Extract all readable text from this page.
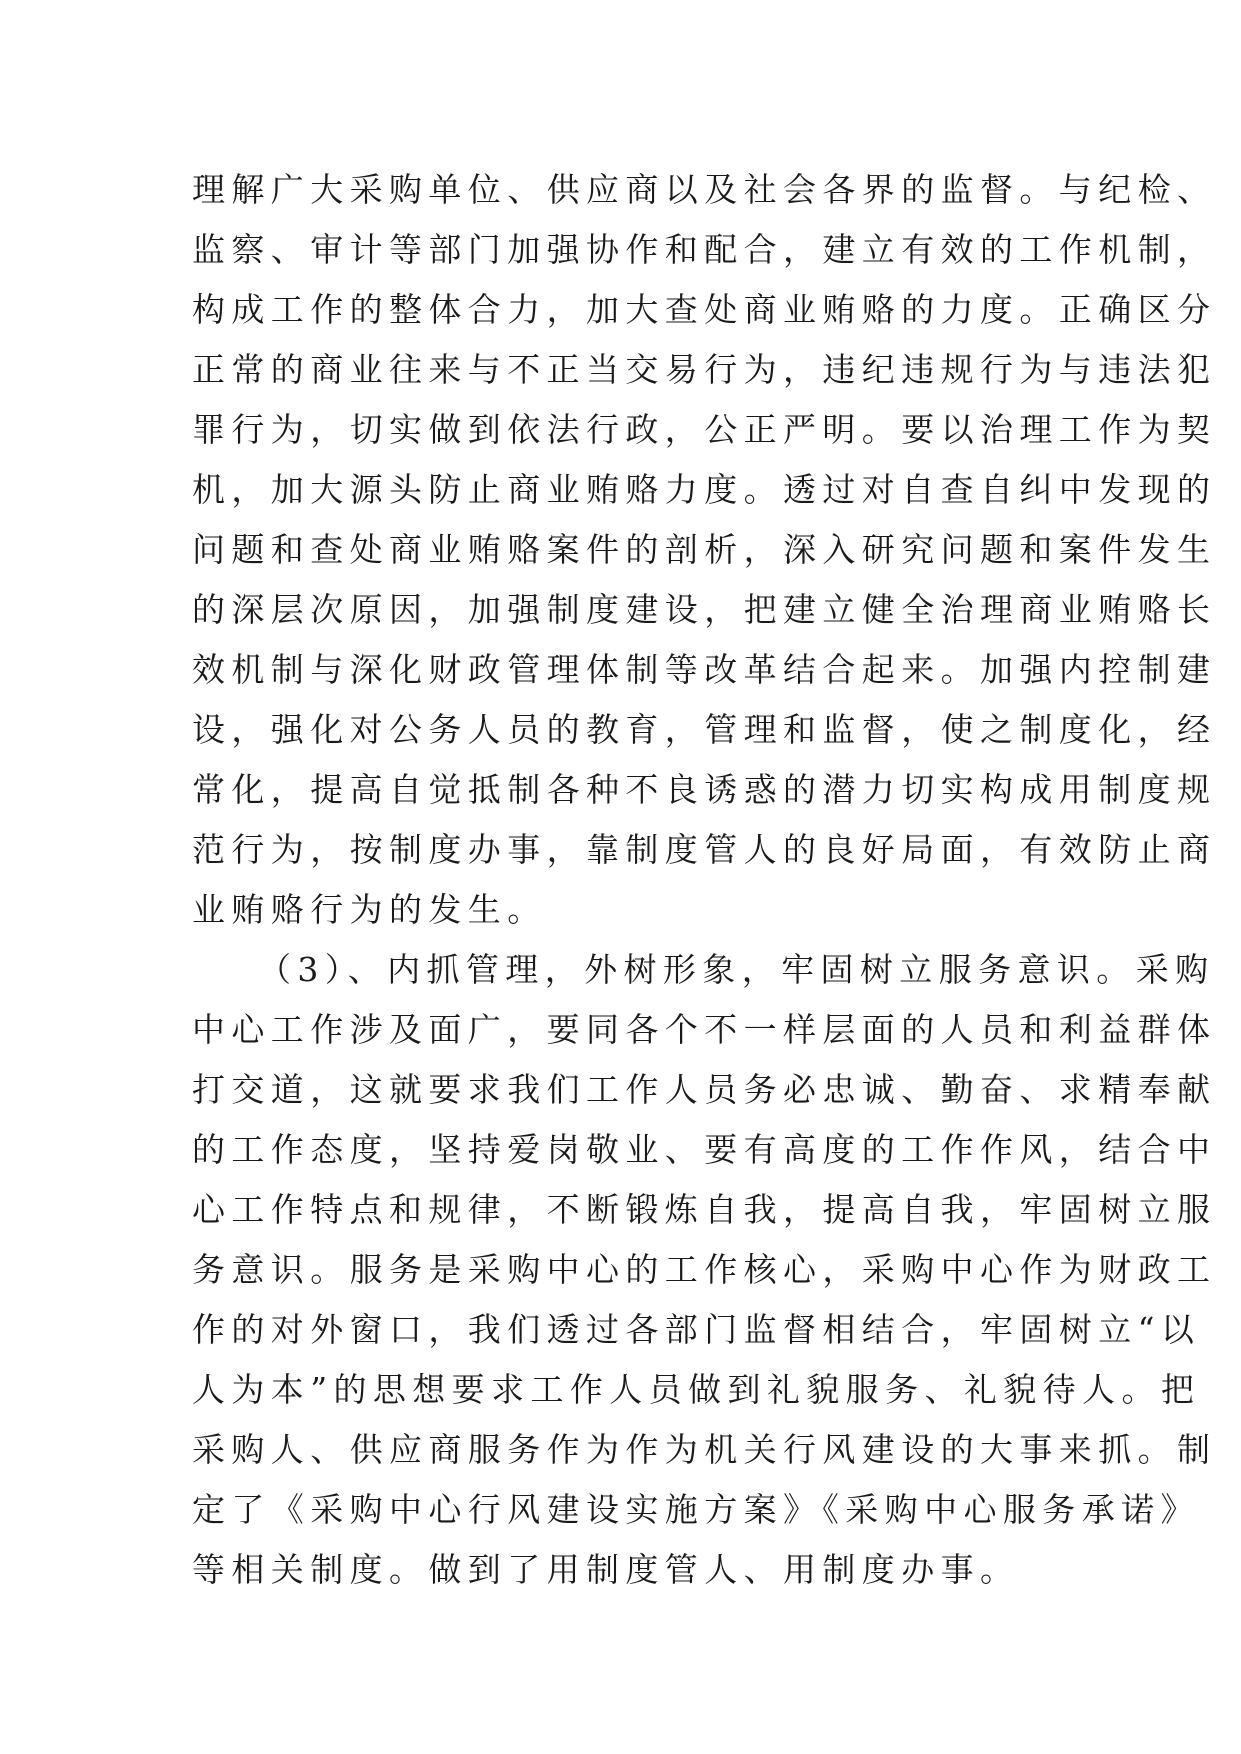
理解广大采购单位、供应商以及社会各界的监督。与纪检、
监察、审计等部门加强协作和配合，建立有效的工作机制，
构成工作的整体合力，加大查处商业贿赂的力度。正确区分
正常的商业往来与不正当交易行为，违纪违规行为与违法犯
罪行为，切实做到依法行政，公正严明。要以治理工作为契
机，加大源头防止商业贿赂力度。透过对自查自纠中发现的
问题和查处商业贿赂案件的剖析，深入研究问题和案件发生
的深层次原因，加强制度建设，把建立健全治理商业贿赂长
效机制与深化财政管理体制等改革结合起来。加强内控制建
设，强化对公务人员的教育，管理和监督，使之制度化，经
常化，提高自觉抵制各种不良诱惑的潜力切实构成用制度规
范行为，按制度办事，靠制度管人的良好局面，有效防止商
业贿赂行为的发生。
（3）、内抓管理，外树形象，牢固树立服务意识。采购
中心工作涉及面广，要同各个不一样层面的人员和利益群体
打交道，这就要求我们工作人员务必忠诚、勤奋、求精奉献
的工作态度，坚持爱岗敬业、要有高度的工作作风，结合中
心工作特点和规律，不断锻炼自我，提高自我，牢固树立服
务意识。服务是采购中心的工作核心，采购中心作为财政工
作的对外窗口，我们透过各部门监督相结合，牢固树立“以
人为本”的思想要求工作人员做到礼貌服务、礼貌待人。把
采购人、供应商服务作为作为机关行风建设的大事来抓。制
定了《采购中心行风建设实施方案》《采购中心服务承诺》
等相关制度。做到了用制度管人、用制度办事。
